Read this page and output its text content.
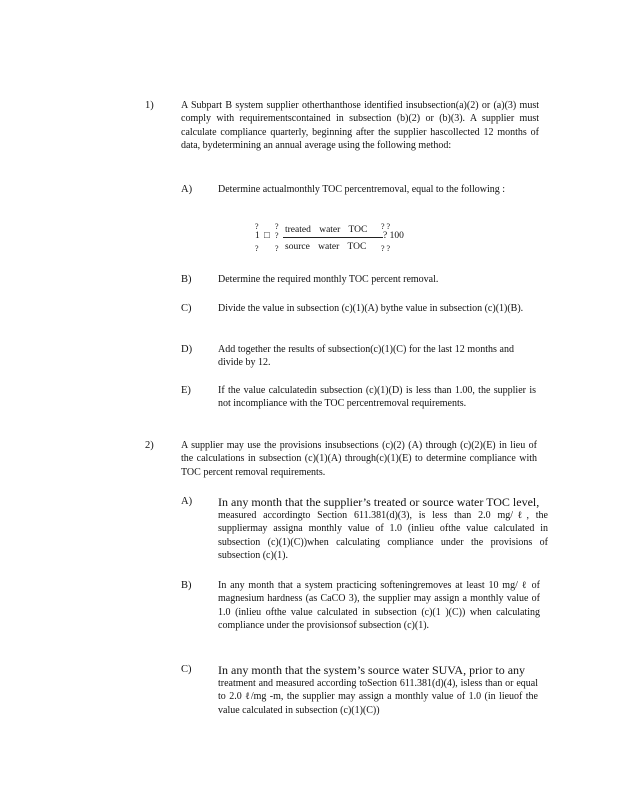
1)	A Subpart B system supplier otherthanthose identified insubsection(a)(2) or (a)(3) must comply with requirementscontained in subsection (b)(2) or (b)(3). A supplier must calculate compliance quarterly, beginning after the supplier hascollected 12 months of data, bydetermining an annual average using the following method:
A)	Determine actualmonthly TOC percentremoval, equal to the following :
?
1 □
?
?
?
?
treated water TOC
source water TOC
? ?
? 100
? ?
B)	Determine the required monthly TOC percent removal.
C)	Divide the value in subsection (c)(1)(A) bythe value in subsection (c)(1)(B).
D)	Add together the results of subsection(c)(1)(C) for the last 12 months and divide by 12.
E)	If the value calculatedin subsection (c)(1)(D) is less than 1.00, the supplier is not incompliance with the TOC percentremoval requirements.
2)	A supplier may use the provisions insubsections (c)(2) (A) through (c)(2)(E) in lieu of the calculations in subsection (c)(1)(A) through(c)(1)(E) to determine compliance with TOC percent removal requirements.
A) In any month that the supplier’s treated or source water TOC level,
measured accordingto Section 611.381(d)(3), is less than 2.0 mg/ℓ, the suppliermay assigna monthly value of 1.0 (inlieu ofthe value calculated in subsection (c)(1)(C))when calculating compliance under the provisions of subsection (c)(1).
B)	In any month that a system practicing softeningremoves at least 10 mg/ ℓ of magnesium hardness (as CaCO 3), the supplier may assign a monthly value of 1.0 (inlieu ofthe value calculated in subsection (c)(1 )(C)) when calculating compliance under the provisionsof subsection (c)(1).
C) In any month that the system’s source water SUVA, prior to any
treatment and measured according toSection 611.381(d)(4), isless than or equal to 2.0 ℓ/mg -m, the supplier may assign a monthly value of 1.0 (in lieuof the value calculated in subsection (c)(1)(C))
